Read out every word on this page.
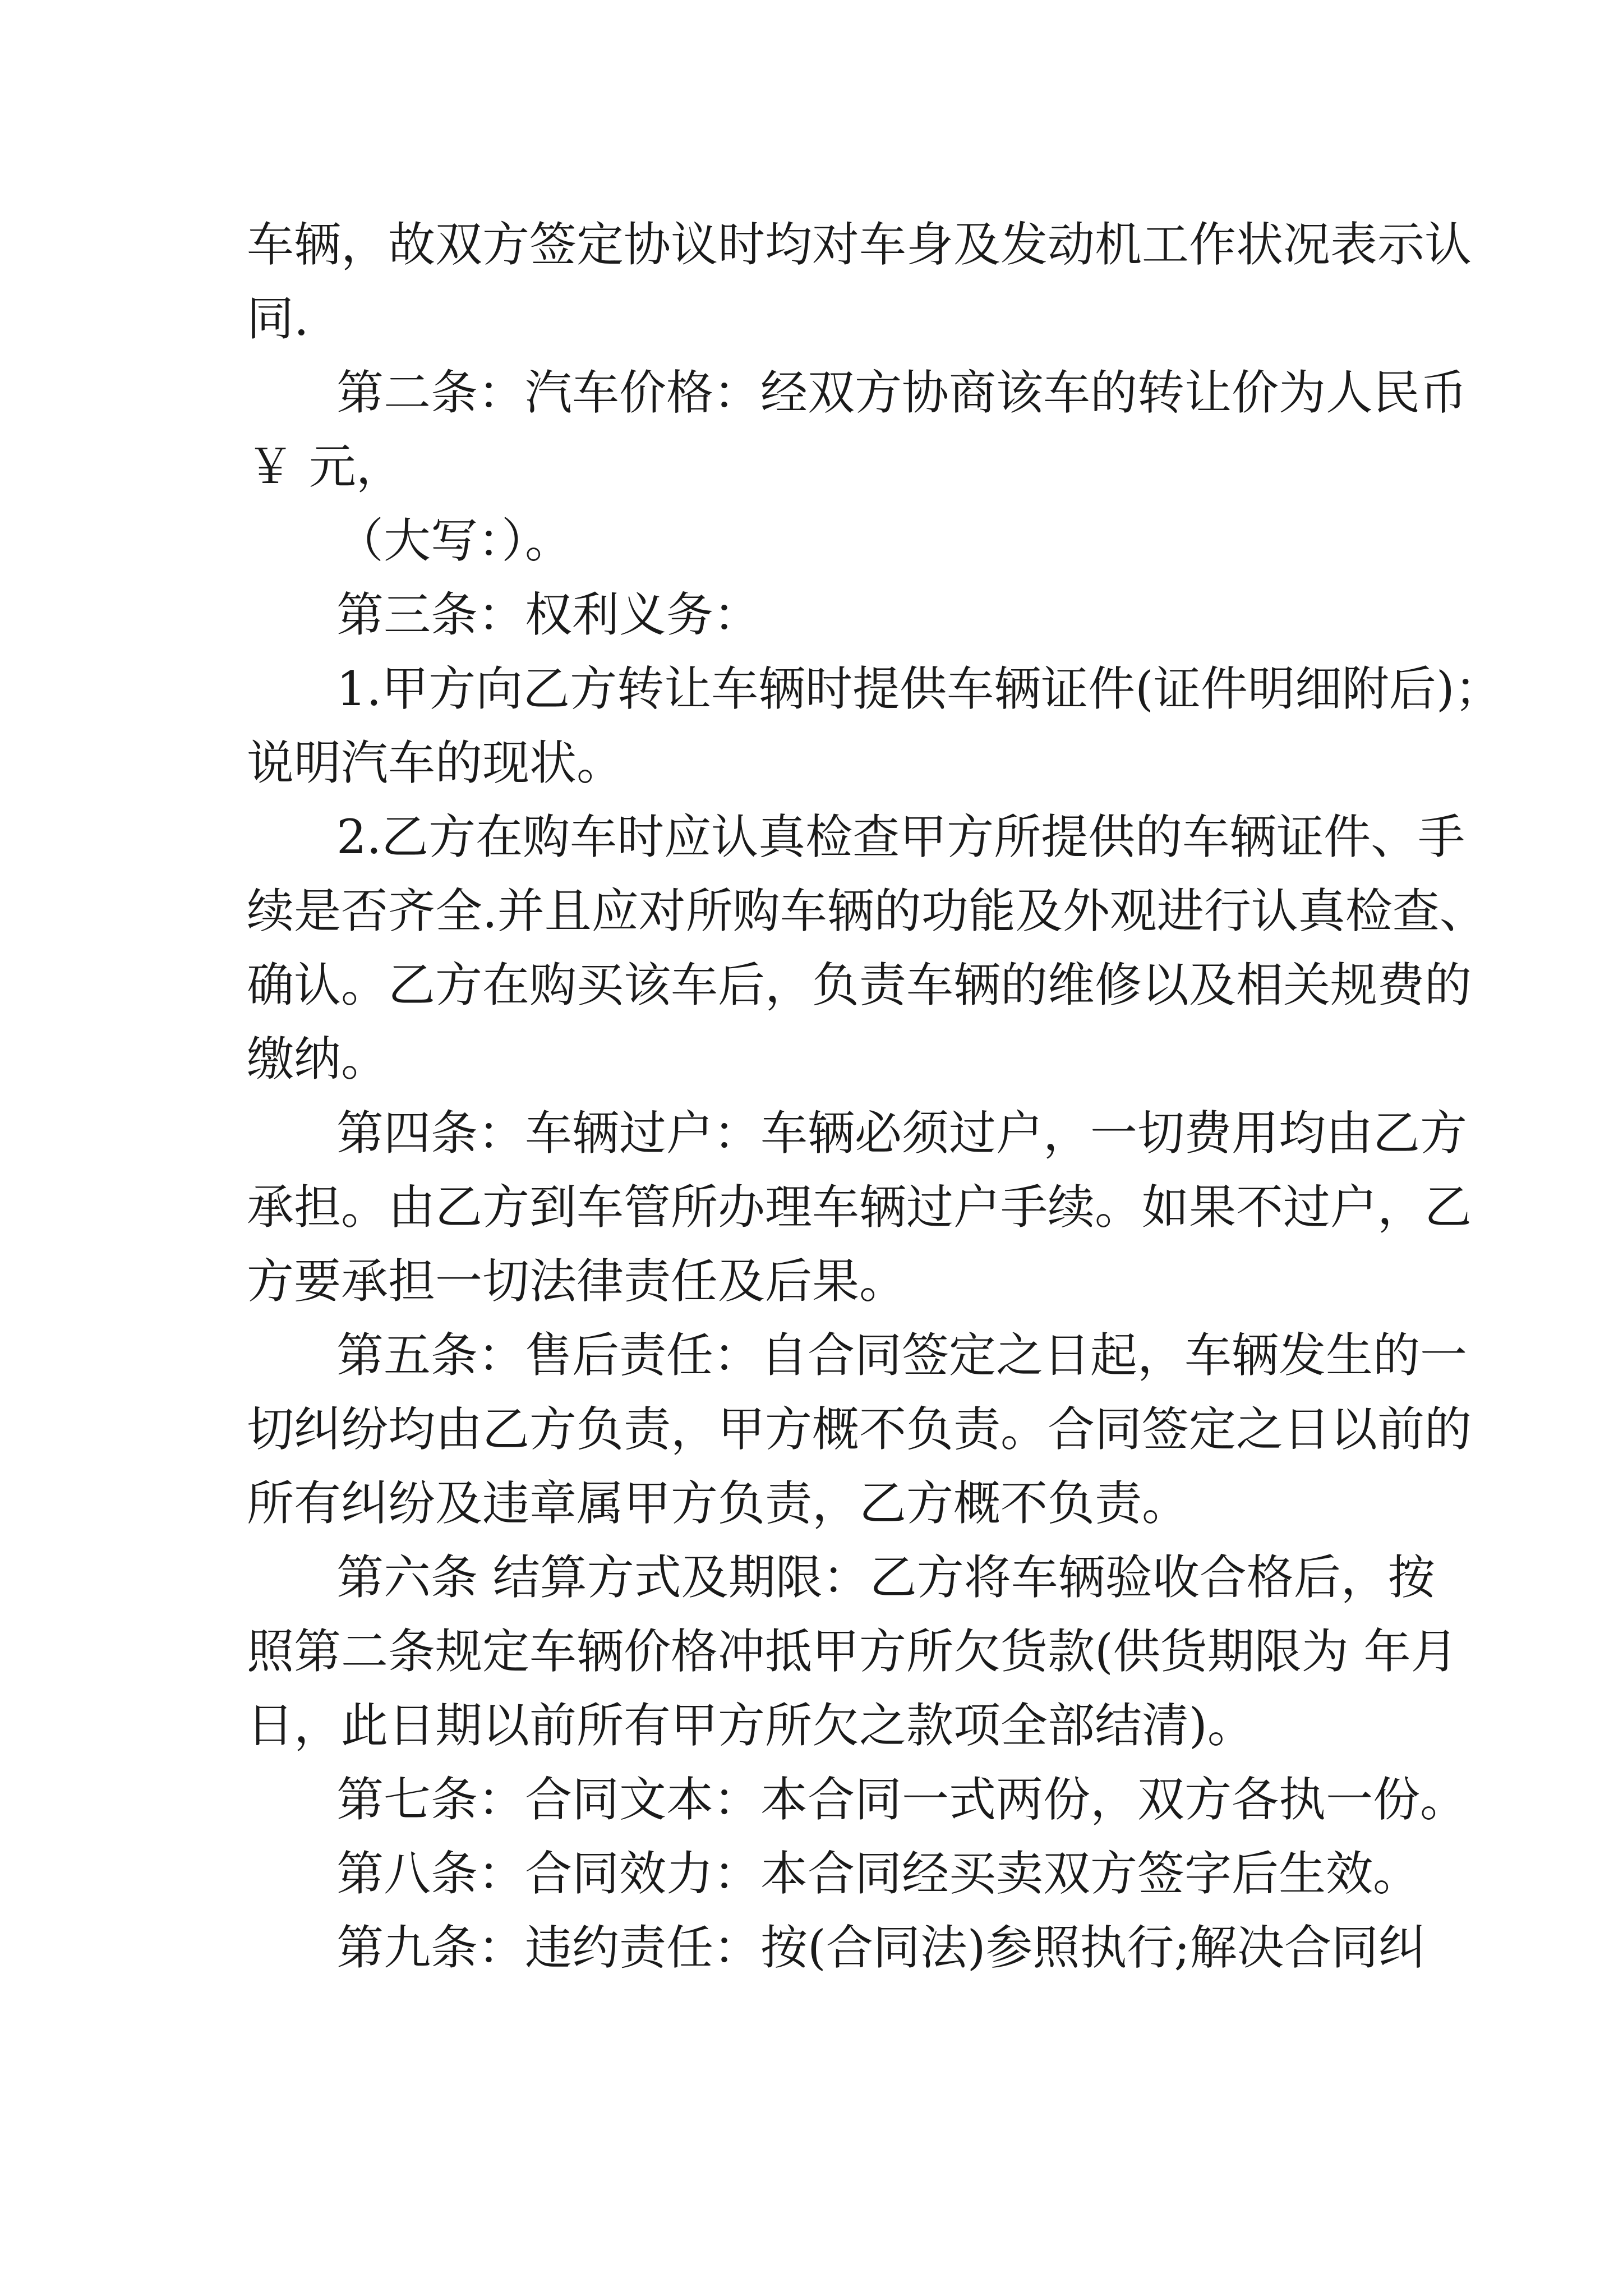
车辆，故双方签定协议时均对车身及发动机工作状况表示认

同.

第二条：汽车价格：经双方协商该车的转让价为人民币

￥ 元，

（大写：）。

第三条：权利义务：

1.甲方向乙方转让车辆时提供车辆证件(证件明细附后)；

说明汽车的现状。

2.乙方在购车时应认真检查甲方所提供的车辆证件、手

续是否齐全.并且应对所购车辆的功能及外观进行认真检查、

确认。乙方在购买该车后，负责车辆的维修以及相关规费的

缴纳。

第四条：车辆过户：车辆必须过户，一切费用均由乙方

承担。由乙方到车管所办理车辆过户手续。如果不过户，乙

方要承担一切法律责任及后果。

第五条：售后责任：自合同签定之日起，车辆发生的一

切纠纷均由乙方负责，甲方概不负责。合同签定之日以前的

所有纠纷及违章属甲方负责，乙方概不负责。

第六条 结算方式及期限：乙方将车辆验收合格后，按

照第二条规定车辆价格冲抵甲方所欠货款(供货期限为 年月

日，此日期以前所有甲方所欠之款项全部结清)。

第七条：合同文本：本合同一式两份，双方各执一份。

第八条：合同效力：本合同经买卖双方签字后生效。

第九条：违约责任：按(合同法)参照执行;解决合同纠
